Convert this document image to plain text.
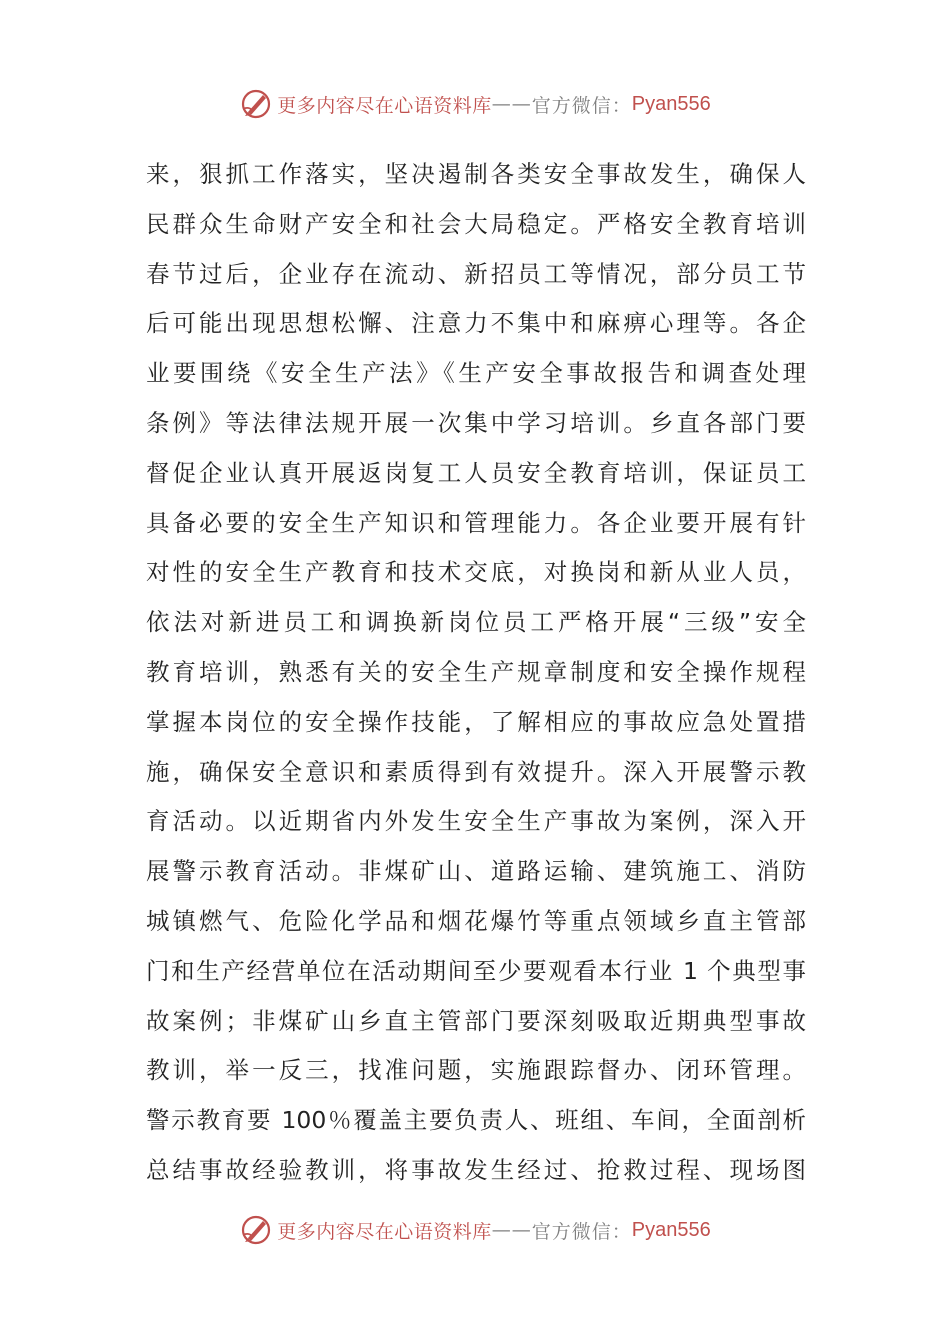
更多内容尽在心语资料库 —— 官方微信： Pyan556
来，狠抓工作落实，坚决遏制各类安全事故发生，确保人
民群众生命财产安全和社会大局稳定。严格安全教育培训
春节过后，企业存在流动、新招员工等情况，部分员工节
后可能出现思想松懈、注意力不集中和麻痹心理等。各企
业要围绕《安全生产法》《生产安全事故报告和调查处理
条例》等法律法规开展一次集中学习培训。乡直各部门要
督促企业认真开展返岗复工人员安全教育培训，保证员工
具备必要的安全生产知识和管理能力。各企业要开展有针
对性的安全生产教育和技术交底，对换岗和新从业人员，
依法对新进员工和调换新岗位员工严格开展“三级”安全
教育培训，熟悉有关的安全生产规章制度和安全操作规程
掌握本岗位的安全操作技能，了解相应的事故应急处置措
施，确保安全意识和素质得到有效提升。深入开展警示教
育活动。以近期省内外发生安全生产事故为案例，深入开
展警示教育活动。非煤矿山、道路运输、建筑施工、消防
城镇燃气、危险化学品和烟花爆竹等重点领域乡直主管部
门和生产经营单位在活动期间至少要观看本行业 1 个典型事
故案例；非煤矿山乡直主管部门要深刻吸取近期典型事故
教训，举一反三，找准问题，实施跟踪督办、闭环管理。
警示教育要 100％覆盖主要负责人、班组、车间，全面剖析
总结事故经验教训，将事故发生经过、抢救过程、现场图
更多内容尽在心语资料库 —— 官方微信： Pyan556
